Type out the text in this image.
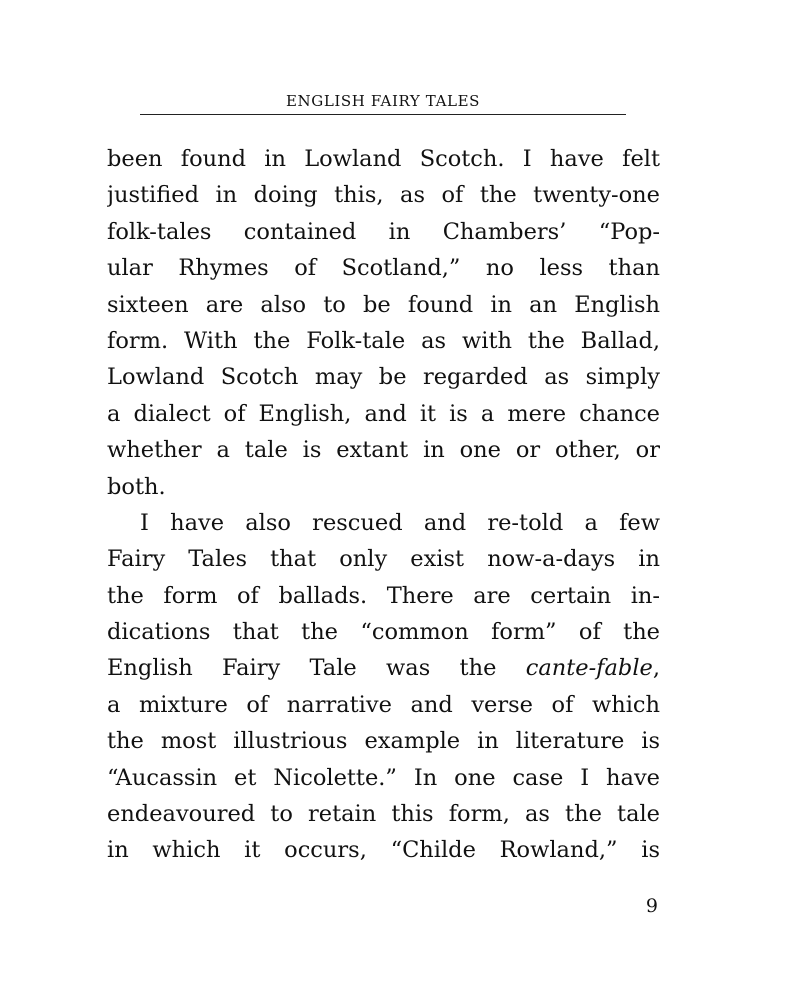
ENGLISH FAIRY TALES
been found in Lowland Scotch. I have felt
justified in doing this, as of the twenty-one
folk-tales contained in Chambers’ “Pop-
ular Rhymes of Scotland,” no less than
sixteen are also to be found in an English
form. With the Folk-tale as with the Ballad,
Lowland Scotch may be regarded as simply
a dialect of English, and it is a mere chance
whether a tale is extant in one or other, or
both.
I have also rescued and re-told a few
Fairy Tales that only exist now-a-days in
the form of ballads. There are certain in-
dications that the “common form” of the
English Fairy Tale was the cante-fable,
a mixture of narrative and verse of which
the most illustrious example in literature is
“Aucassin et Nicolette.” In one case I have
endeavoured to retain this form, as the tale
in which it occurs, “Childe Rowland,” is
9
